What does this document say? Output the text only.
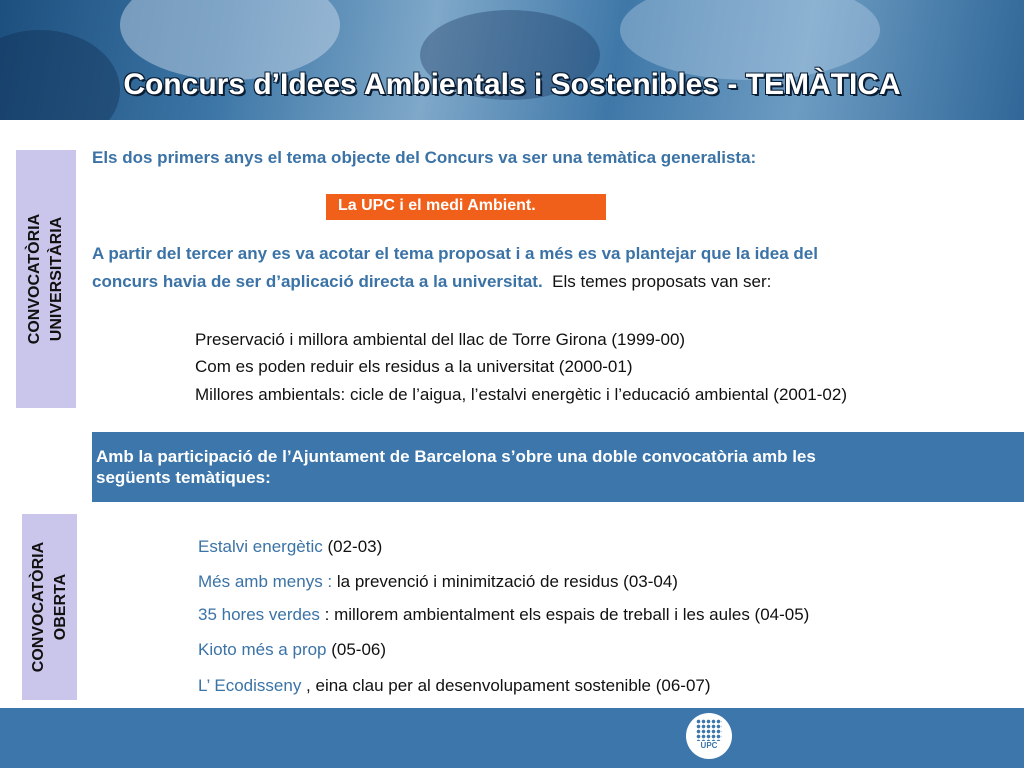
Concurs d’Idees Ambientals i Sostenibles - TEMÀTICA
CONVOCATÒRIA UNIVERSITÀRIA
Els dos primers anys el tema objecte del Concurs va ser una temàtica generalista:
La UPC i el medi Ambient.
A partir del tercer any es va acotar el tema proposat i a més es va plantejar que la idea del
concurs havia de ser d’aplicació directa a la universitat.  Els temes proposats van ser:
Preservació i millora ambiental del llac de Torre Girona (1999-00)
Com es poden reduir els residus a la universitat (2000-01)
Millores ambientals: cicle de l’aigua, l’estalvi energètic i l’educació ambiental (2001-02)
Amb la participació de l’Ajuntament de Barcelona s’obre una doble convocatòria amb les
següents temàtiques:
CONVOCATÒRIA OBERTA
Estalvi energètic (02-03)
Més amb menys : la prevenció i minimització de residus (03-04)
35 hores verdes : millorem ambientalment els espais de treball i les aules (04-05)
Kioto més a prop (05-06)
L’ Ecodisseny , eina clau per al desenvolupament sostenible (06-07)
UPC
